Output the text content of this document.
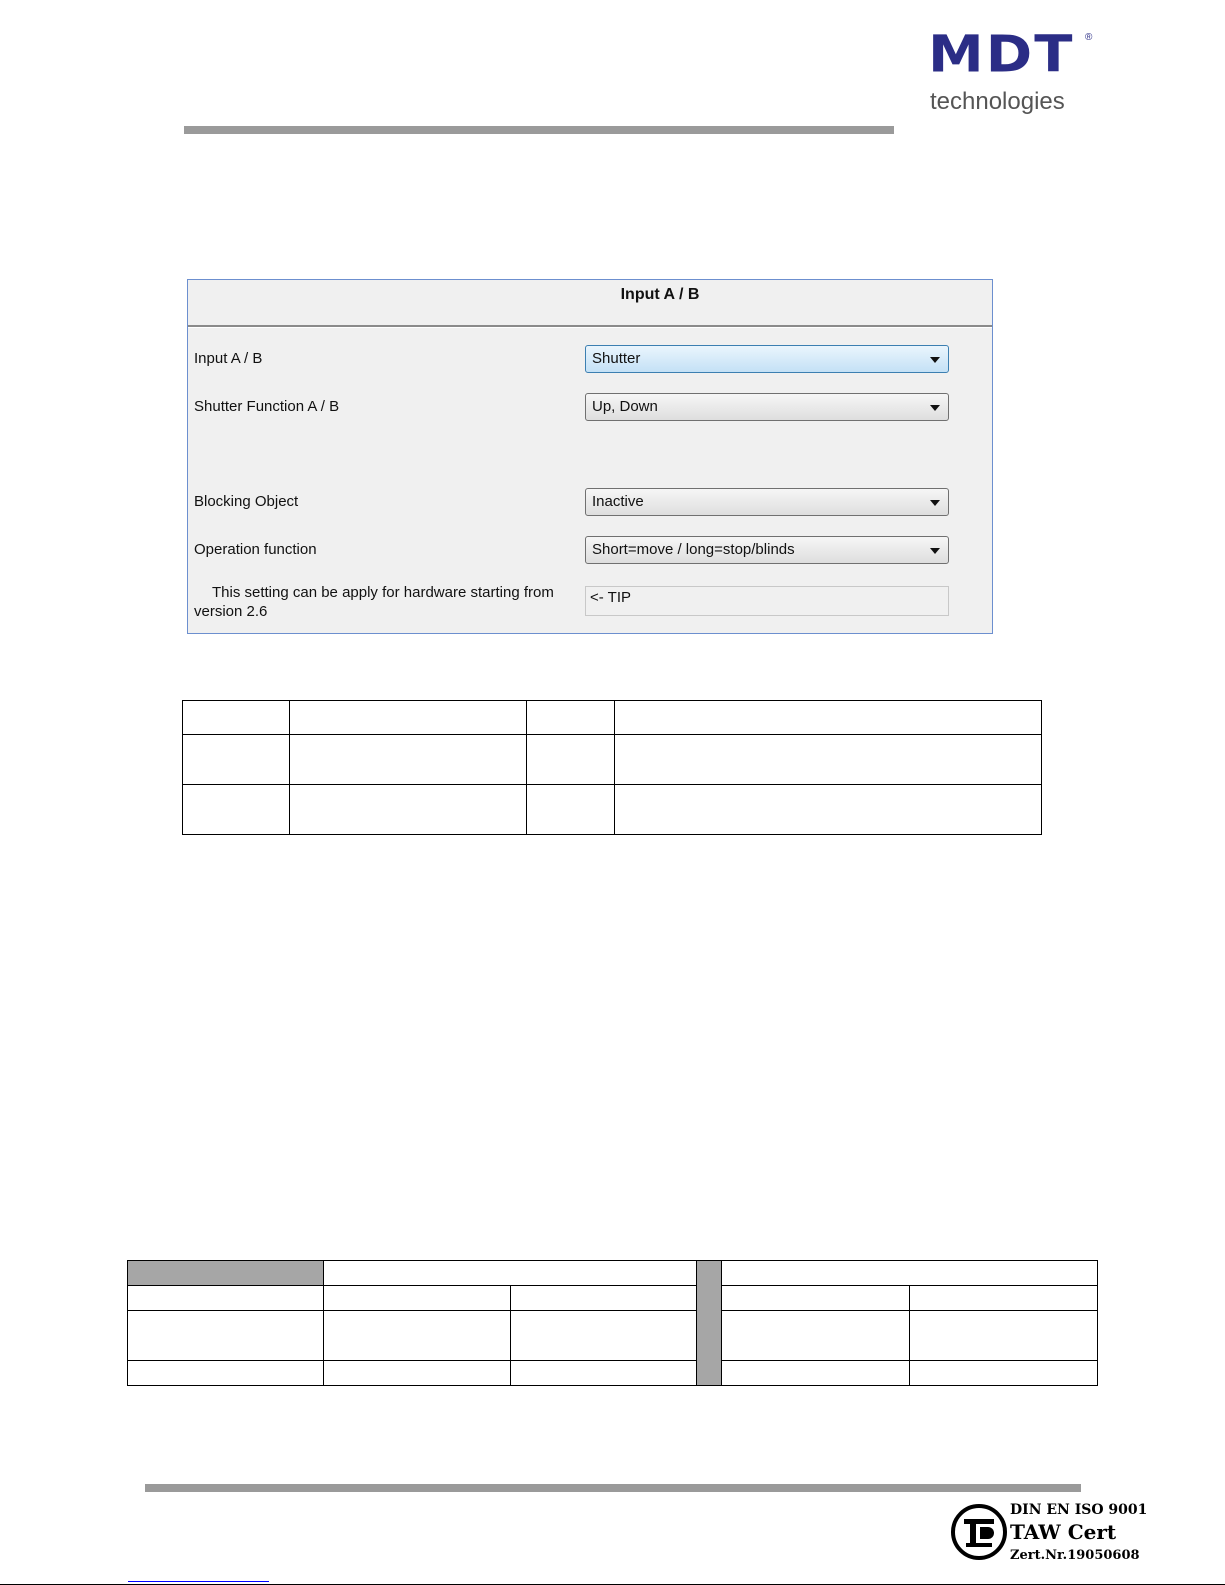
MDT	®
technologies
Input A / B
Input A / B	Shutter
Shutter Function A / B	Up, Down
Blocking Object	Inactive
Operation function	Short=move / long=stop/blinds
This setting can be apply for hardware starting from version 2.6
<- TIP

DIN EN ISO 9001
TAW Cert
Zert.Nr.19050608
